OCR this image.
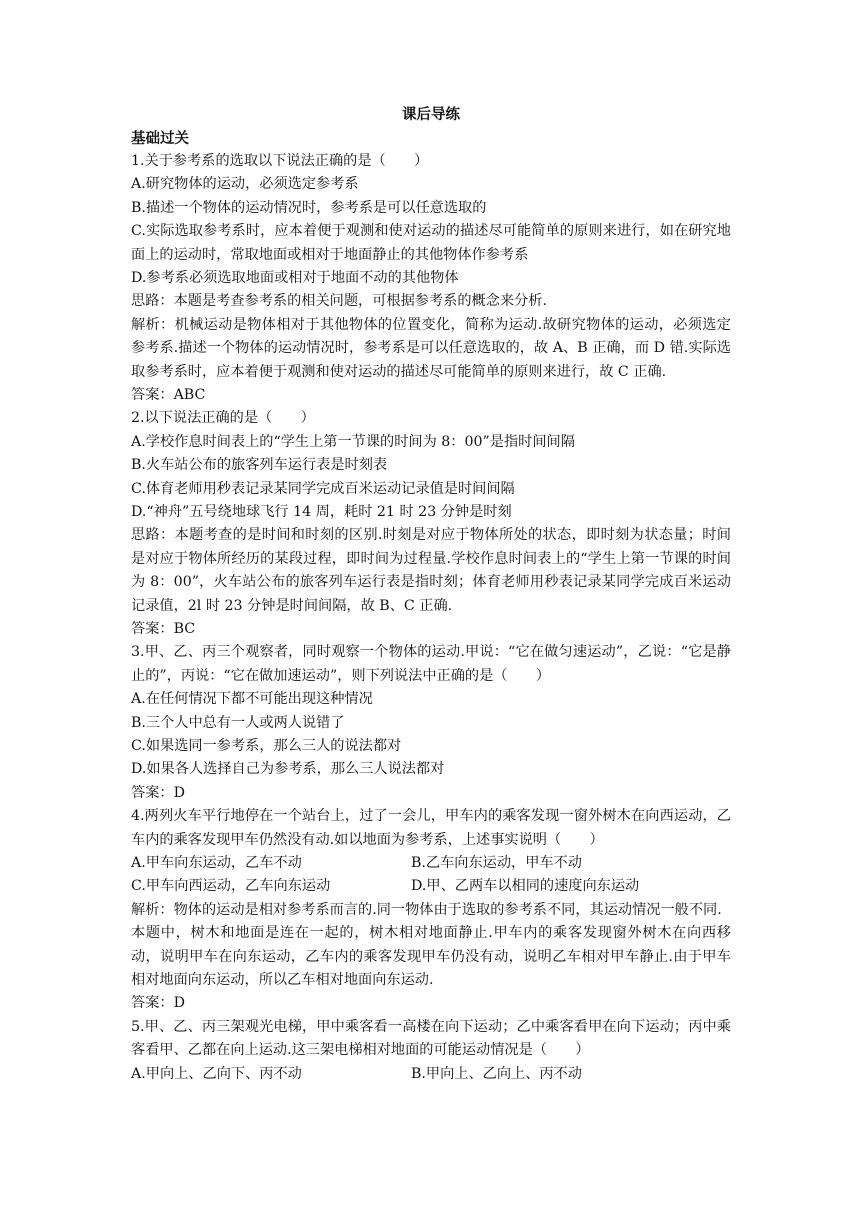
课后导练
基础过关
1.关于参考系的选取以下说法正确的是（　　）
A.研究物体的运动，必须选定参考系
B.描述一个物体的运动情况时，参考系是可以任意选取的
C.实际选取参考系时，应本着便于观测和使对运动的描述尽可能简单的原则来进行，如在研究地面上的运动时，常取地面或相对于地面静止的其他物体作参考系
D.参考系必须选取地面或相对于地面不动的其他物体
思路：本题是考查参考系的相关问题，可根据参考系的概念来分析.
解析：机械运动是物体相对于其他物体的位置变化，简称为运动.故研究物体的运动，必须选定参考系.描述一个物体的运动情况时，参考系是可以任意选取的，故 A、B 正确，而 D 错.实际选取参考系时，应本着便于观测和使对运动的描述尽可能简单的原则来进行，故 C 正确.
答案：ABC
2.以下说法正确的是（　　）
A.学校作息时间表上的“学生上第一节课的时间为 8：00”是指时间间隔
B.火车站公布的旅客列车运行表是时刻表
C.体育老师用秒表记录某同学完成百米运动记录值是时间间隔
D.“神舟”五号绕地球飞行 14 周，耗时 21 时 23 分钟是时刻
思路：本题考查的是时间和时刻的区别.时刻是对应于物体所处的状态，即时刻为状态量；时间是对应于物体所经历的某段过程，即时间为过程量.学校作息时间表上的“学生上第一节课的时间为 8：00”，火车站公布的旅客列车运行表是指时刻；体育老师用秒表记录某同学完成百米运动记录值，2l 时 23 分钟是时间间隔，故 B、C 正确.
答案：BC
3.甲、乙、丙三个观察者，同时观察一个物体的运动.甲说：“它在做匀速运动”，乙说：“它是静止的”，丙说：“它在做加速运动”，则下列说法中正确的是（　　）
A.在任何情况下都不可能出现这种情况
B.三个人中总有一人或两人说错了
C.如果选同一参考系，那么三人的说法都对
D.如果各人选择自己为参考系，那么三人说法都对
答案：D
4.两列火车平行地停在一个站台上，过了一会儿，甲车内的乘客发现一窗外树木在向西运动，乙车内的乘客发现甲车仍然没有动.如以地面为参考系，上述事实说明（　　）
A.甲车向东运动，乙车不动	B.乙车向东运动，甲车不动
C.甲车向西运动，乙车向东运动	D.甲、乙两车以相同的速度向东运动
解析：物体的运动是相对参考系而言的.同一物体由于选取的参考系不同，其运动情况一般不同.
本题中，树木和地面是连在一起的，树木相对地面静止.甲车内的乘客发现窗外树木在向西移动，说明甲车在向东运动，乙车内的乘客发现甲车仍没有动，说明乙车相对甲车静止.由于甲车相对地面向东运动，所以乙车相对地面向东运动.
答案：D
5.甲、乙、丙三架观光电梯，甲中乘客看一高楼在向下运动；乙中乘客看甲在向下运动；丙中乘客看甲、乙都在向上运动.这三架电梯相对地面的可能运动情况是（　　）
A.甲向上、乙向下、丙不动	B.甲向上、乙向上、丙不动
